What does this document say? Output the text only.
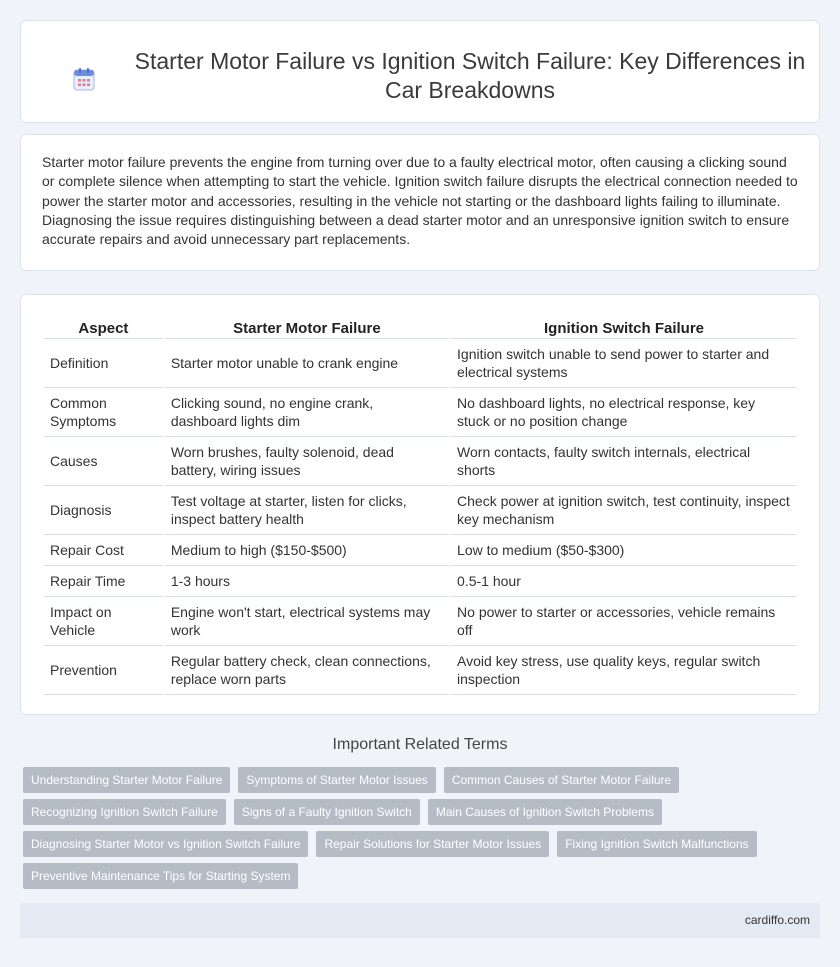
Starter Motor Failure vs Ignition Switch Failure: Key Differences in Car Breakdowns

Starter motor failure prevents the engine from turning over due to a faulty electrical motor, often causing a clicking sound or complete silence when attempting to start the vehicle. Ignition switch failure disrupts the electrical connection needed to power the starter motor and accessories, resulting in the vehicle not starting or the dashboard lights failing to illuminate. Diagnosing the issue requires distinguishing between a dead starter motor and an unresponsive ignition switch to ensure accurate repairs and avoid unnecessary part replacements.

Aspect	Starter Motor Failure	Ignition Switch Failure
Definition	Starter motor unable to crank engine	Ignition switch unable to send power to starter and electrical systems
Common Symptoms	Clicking sound, no engine crank, dashboard lights dim	No dashboard lights, no electrical response, key stuck or no position change
Causes	Worn brushes, faulty solenoid, dead battery, wiring issues	Worn contacts, faulty switch internals, electrical shorts
Diagnosis	Test voltage at starter, listen for clicks, inspect battery health	Check power at ignition switch, test continuity, inspect key mechanism
Repair Cost	Medium to high ($150-$500)	Low to medium ($50-$300)
Repair Time	1-3 hours	0.5-1 hour
Impact on Vehicle	Engine won't start, electrical systems may work	No power to starter or accessories, vehicle remains off
Prevention	Regular battery check, clean connections, replace worn parts	Avoid key stress, use quality keys, regular switch inspection
Important Related Terms
Understanding Starter Motor Failure	Symptoms of Starter Motor Issues	Common Causes of Starter Motor Failure
Recognizing Ignition Switch Failure	Signs of a Faulty Ignition Switch	Main Causes of Ignition Switch Problems
Diagnosing Starter Motor vs Ignition Switch Failure	Repair Solutions for Starter Motor Issues	Fixing Ignition Switch Malfunctions
Preventive Maintenance Tips for Starting System
cardiffo.com
